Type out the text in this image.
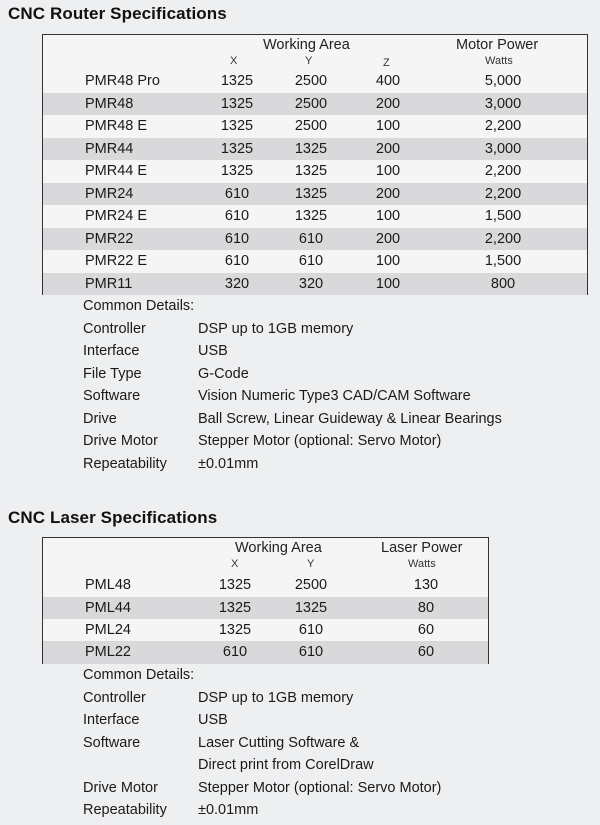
CNC Router Specifications
Working Area	Motor Power
X	Y	Z	Watts
PMR48 Pro	1325	2500	400	5,000
PMR48	1325	2500	200	3,000
PMR48 E	1325	2500	100	2,200
PMR44	1325	1325	200	3,000
PMR44 E	1325	1325	100	2,200
PMR24	610	1325	200	2,200
PMR24 E	610	1325	100	1,500
PMR22	610	610	200	2,200
PMR22 E	610	610	100	1,500
PMR11	320	320	100	800
Common Details:
Controller	DSP up to 1GB memory
Interface	USB
File Type	G-Code
Software	Vision Numeric Type3 CAD/CAM Software
Drive	Ball Screw, Linear Guideway & Linear Bearings
Drive Motor	Stepper Motor (optional: Servo Motor)
Repeatability ±0.01mm
CNC Laser Specifications
Working Area	Laser Power
X	Y	Watts
PML48	1325	2500	130
PML44	1325	1325	80
PML24	1325	610	60
PML22	610	610	60
Common Details:
Controller	DSP up to 1GB memory
Interface	USB
Software	Laser Cutting Software &
Direct print from CorelDraw
Drive Motor	Stepper Motor (optional: Servo Motor)
Repeatability ±0.01mm
